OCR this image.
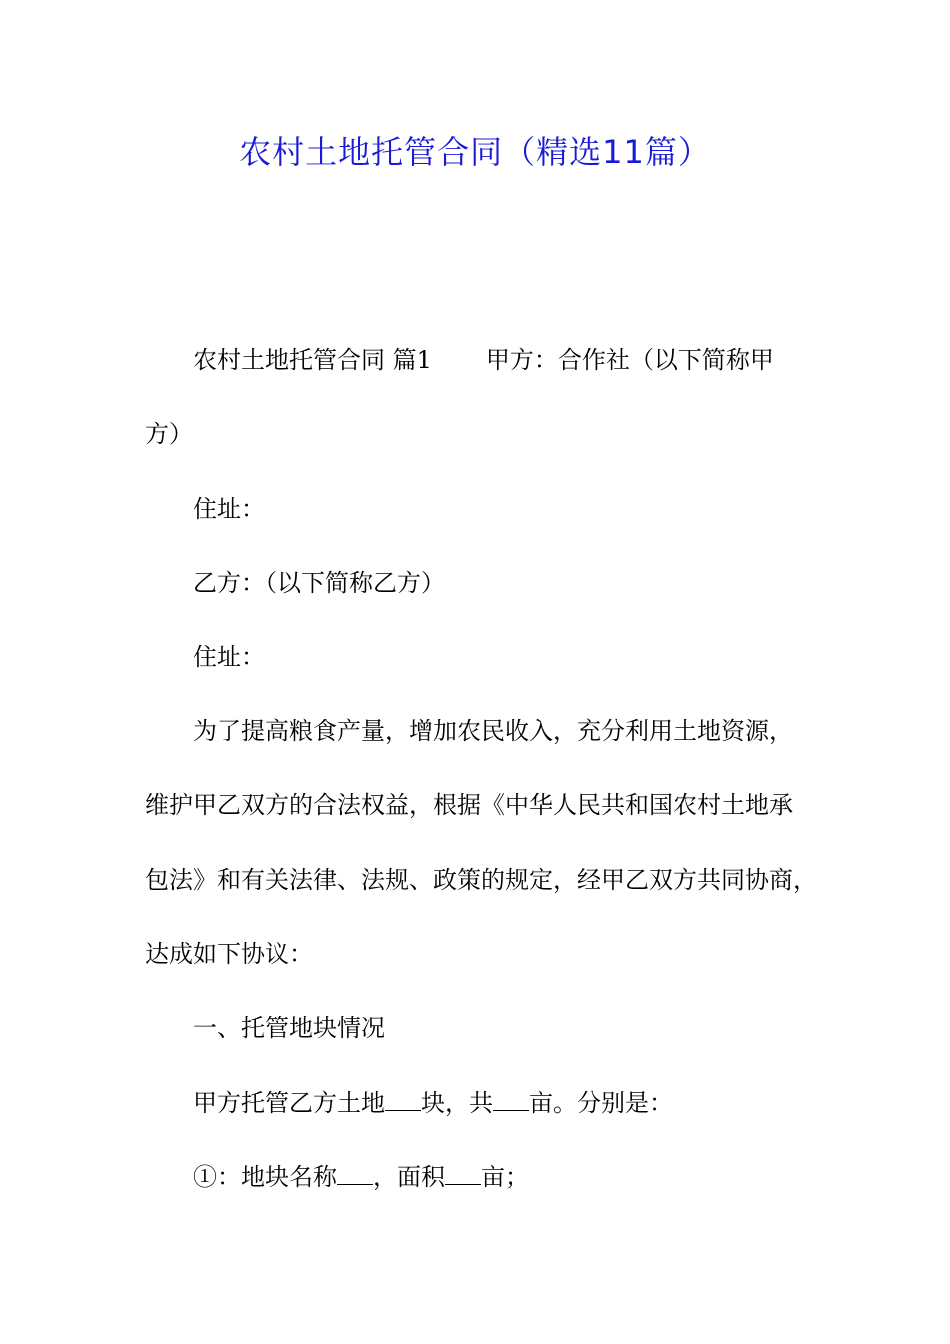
农村土地托管合同（精选11篇）

农村土地托管合同 篇1 甲方：合作社（以下简称甲

方）

住址：

乙方：（以下简称乙方）

住址：

为了提高粮食产量，增加农民收入，充分利用土地资源，

维护甲乙双方的合法权益，根据《中华人民共和国农村土地承

包法》和有关法律、法规、政策的规定，经甲乙双方共同协商，

达成如下协议：

一、托管地块情况

甲方托管乙方土地 块，共 亩。分别是：

①：地块名称 ，面积 亩；
